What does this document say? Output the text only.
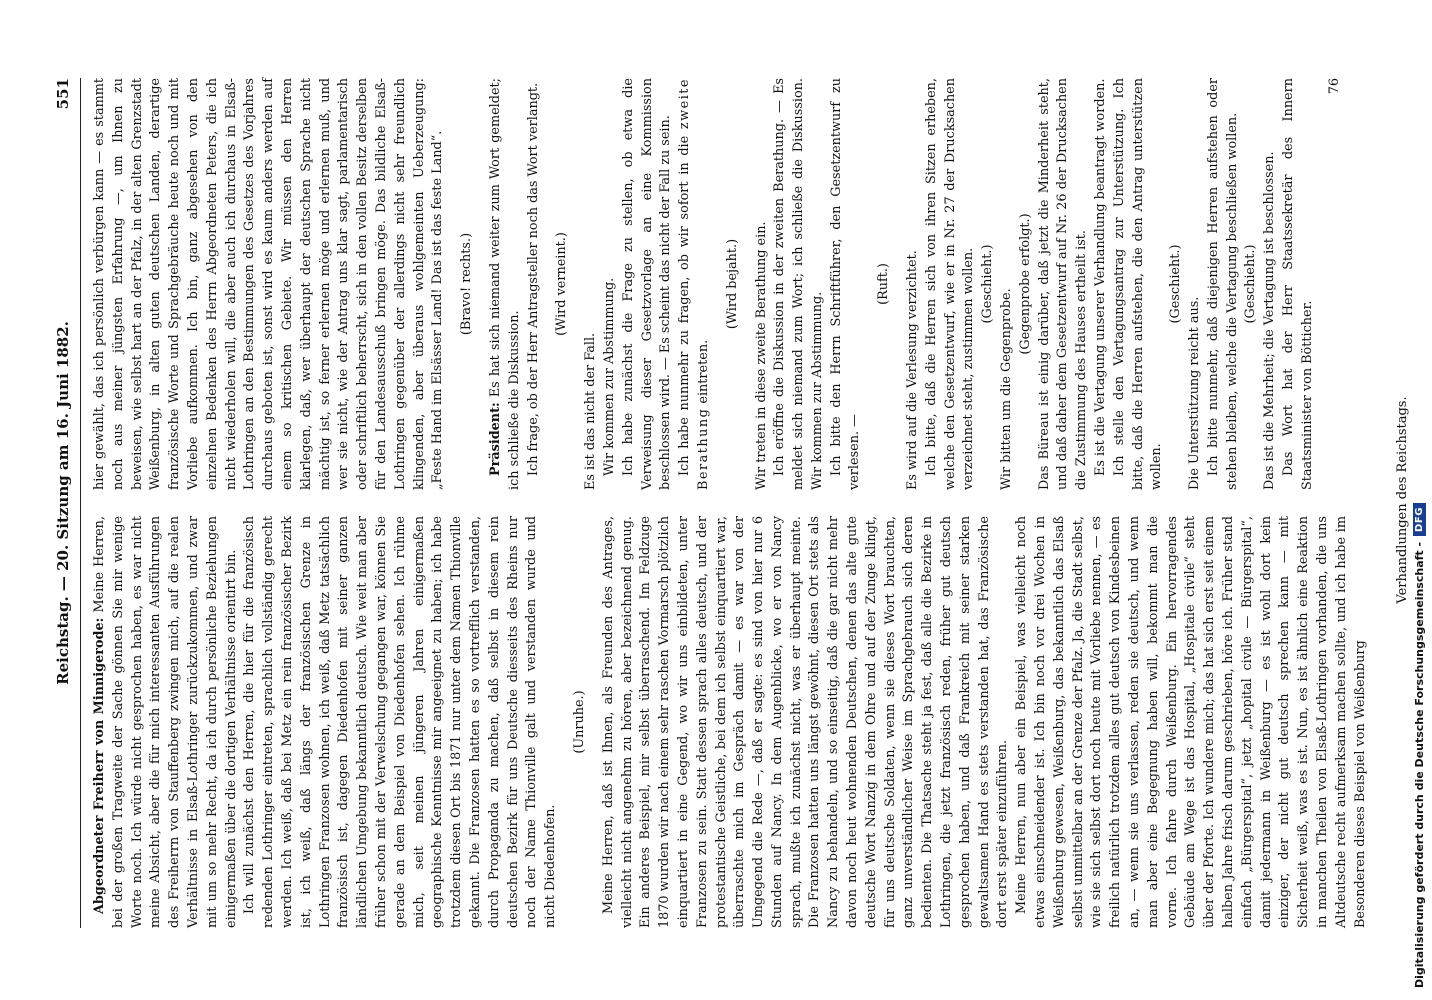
Reichstag. — 20. Sitzung am 16. Juni 1882.
551

Abgeordneter Freiherr von Minnigerode: Meine Herren, bei der großen Tragweite der Sache gönnen Sie mir wenige Worte noch. Ich würde nicht gesprochen haben, es war nicht meine Absicht, aber die für mich interessanten Ausführungen des Freiherrn von Stauffenberg zwingen mich, auf die realen Verhältnisse in Elsaß-Lothringer zurückzukommen, und zwar mit um so mehr Recht, da ich durch persönliche Beziehungen einigermaßen über die dortigen Verhältnisse orientirt bin. Ich will zunächst den Herren, die hier für die französisch redenden Lothringer eintreten, sprachlich vollständig gerecht werden. Ich weiß, daß bei Metz ein rein französischer Bezirk ist, ich weiß, daß längs der französischen Grenze in Lothringen Franzosen wohnen, ich weiß, daß Metz tatsächlich französisch ist, dagegen Diedenhofen mit seiner ganzen ländlichen Umgebung bekanntlich deutsch. Wie weit man aber früher schon mit der Verwelschung gegangen war, können Sie gerade an dem Beispiel von Diedenhofen sehen. Ich rühme mich, seit meinen jüngeren Jahren einigermaßen geographische Kenntnisse mir angeeignet zu haben; ich habe trotzdem diesen Ort bis 1871 nur unter dem Namen Thionville gekannt. Die Franzosen hatten es so vortrefflich verstanden, durch Propaganda zu machen, daß selbst in diesem rein deutschen Bezirk für uns Deutsche diesseits des Rheins nur noch der Name Thionville galt und verstanden wurde und nicht Diedenhofen.

(Unruhe.) Meine Herren, daß ist Ihnen, als Freunden des Antrages, vielleicht nicht angenehm zu hören, aber bezeichnend genug. Ein anderes Beispiel, mir selbst überraschend. Im Feldzuge 1870 wurden wir nach einem sehr raschen Vormarsch plötzlich einquartiert in eine Gegend, wo wir uns einbildeten, unter Franzosen zu sein. Statt dessen sprach alles deutsch, und der protestantische Geistliche, bei dem ich selbst einquartiert war, überraschte mich im Gespräch damit — es war von der Umgegend die Rede —, daß er sagte: es sind von hier nur 6 Stunden auf Nancy. In dem Augenblicke, wo er von Nancy sprach, mußte ich zunächst nicht, was er überhaupt meinte. Die Franzosen hatten uns längst gewöhnt, diesen Ort stets als Nancy zu behandeln, und so einseitig, daß die gar nicht mehr davon noch heut wohnenden Deutschen, denen das alte gute deutsche Wort Nanzig in dem Ohre und auf der Zunge klingt, für uns deutsche Soldaten, wenn sie dieses Wort brauchten, ganz unverständlicher Weise im Sprachgebrauch sich deren bedienten. Die Thatsache steht ja fest, daß alle die Bezirke in Lothringen, die jetzt französisch reden, früher gut deutsch gesprochen haben, und daß Frankreich mit seiner starken gewaltsamen Hand es stets verstanden hat, das Französische dort erst später einzuführen. Meine Herren, nun aber ein Beispiel, was vielleicht noch etwas einschneidender ist. Ich bin noch vor drei Wochen in Weißenburg gewesen, Weißenburg, das bekanntlich das Elsaß selbst unmittelbar an der Grenze der Pfalz. Ja, die Stadt selbst, wie sie sich selbst dort noch heute mit Vorliebe nennen, — es freilich natürlich trotzdem alles gut deutsch von Kindesbeinen an, — wenn sie uns verlassen, reden sie deutsch, und wenn man aber eine Begegnung haben will, bekommt man die vorne. Ich fahre durch Weißenburg. Ein hervorragendes Gebäude am Wege ist das Hospital, „Hospitale civile“ steht über der Pforte. Ich wundere mich; das hat sich erst seit einem halben Jahre frisch darum geschrieben, höre ich. Früher stand einfach „Bürgerspital“, jetzt „hopital civile — Bürgerspital“, damit jedermann in Weißenburg — es ist wohl dort kein einziger, der nicht gut deutsch sprechen kann — mit Sicherheit weiß, was es ist. Nun, es ist ähnlich eine Reaktion in manchen Theilen von Elsaß-Lothringen vorhanden, die uns Altdeutsche recht aufmerksam machen sollte, und ich habe im Besonderen dieses Beispiel von Weißenburg

hier gewählt, das ich persönlich verbürgen kann — es stammt noch aus meiner jüngsten Erfahrung —, um Ihnen zu beweisen, wie selbst hart an der Pfalz, in der alten Grenzstadt Weißenburg, in alten guten deutschen Landen, derartige französische Worte und Sprachgebräuche heute noch und mit Vorliebe aufkommen. Ich bin, ganz abgesehen von den einzelnen Bedenken des Herrn Abgeordneten Peters, die ich nicht wiederholen will, die aber auch ich durchaus in Elsaß-Lothringen an den Bestimmungen des Gesetzes des Vorjahres durchaus geboten ist, sonst wird es kaum anders werden auf einem so kritischen Gebiete. Wir müssen den Herren klarlegen, daß, wer überhaupt der deutschen Sprache nicht mächtig ist, so ferner erlernen möge und erlernen muß, und wer sie nicht, wie der Antrag uns klar sagt, parlamentarisch oder schriftlich beherrscht, sich in den vollen Besitz derselben für den Landesausschuß bringen möge. Das bildliche Elsaß-Lothringen gegenüber der allerdings nicht sehr freundlich klingenden, aber überaus wohlgemeinten Ueberzeugung: „Feste Hand im Elsässer Land! Das ist das feste Land“. (Bravo! rechts.)

Präsident: Es hat sich niemand weiter zum Wort gemeldet; ich schließe die Diskussion. Ich frage, ob der Herr Antragsteller noch das Wort verlangt. (Wird verneint.)

Es ist das nicht der Fall. Wir kommen zur Abstimmung. Ich habe zunächst die Frage zu stellen, ob etwa die Verweisung dieser Gesetzvorlage an eine Kommission beschlossen wird. — Es scheint das nicht der Fall zu sein. Ich habe nunmehr zu fragen, ob wir sofort in die zweite Berathung eintreten.

(Wird bejaht.) Wir treten in diese zweite Berathung ein. Ich eröffne die Diskussion in der zweiten Berathung. — Es meldet sich niemand zum Wort; ich schließe die Diskussion. Wir kommen zur Abstimmung. Ich bitte den Herrn Schriftführer, den Gesetzentwurf zu verlesen. —

(Ruft.) Es wird auf die Verlesung verzichtet. Ich bitte, daß die Herren sich von ihren Sitzen erheben, welche den Gesetzentwurf, wie er in Nr. 27 der Drucksachen verzeichnet steht, zustimmen wollen. (Geschieht.)

Wir bitten um die Gegenprobe.

(Gegenprobe erfolgt.) Das Büreau ist einig darüber, daß jetzt die Minderheit steht, und daß daher dem Gesetzentwurf auf Nr. 26 der Drucksachen die Zustimmung des Hauses ertheilt ist. Es ist die Vertagung unserer Verhandlung beantragt worden. Ich stelle den Vertagungsantrag zur Unterstützung. Ich bitte, daß die Herren aufstehen, die den Antrag unterstützen wollen.

(Geschieht.)

Die Unterstützung reicht aus. Ich bitte nunmehr, daß diejenigen Herren aufstehen oder stehen bleiben, welche die Vertagung beschließen wollen. (Geschieht.) Das ist die Mehrheit; die Vertagung ist beschlossen. Das Wort hat der Herr Staatssekretär des Innern Staatsminister von Bötticher.

76
Verhandlungen des Reichstags.
Digitalisierung gefördert durch die Deutsche Forschungsgemeinschaft -
DFG
